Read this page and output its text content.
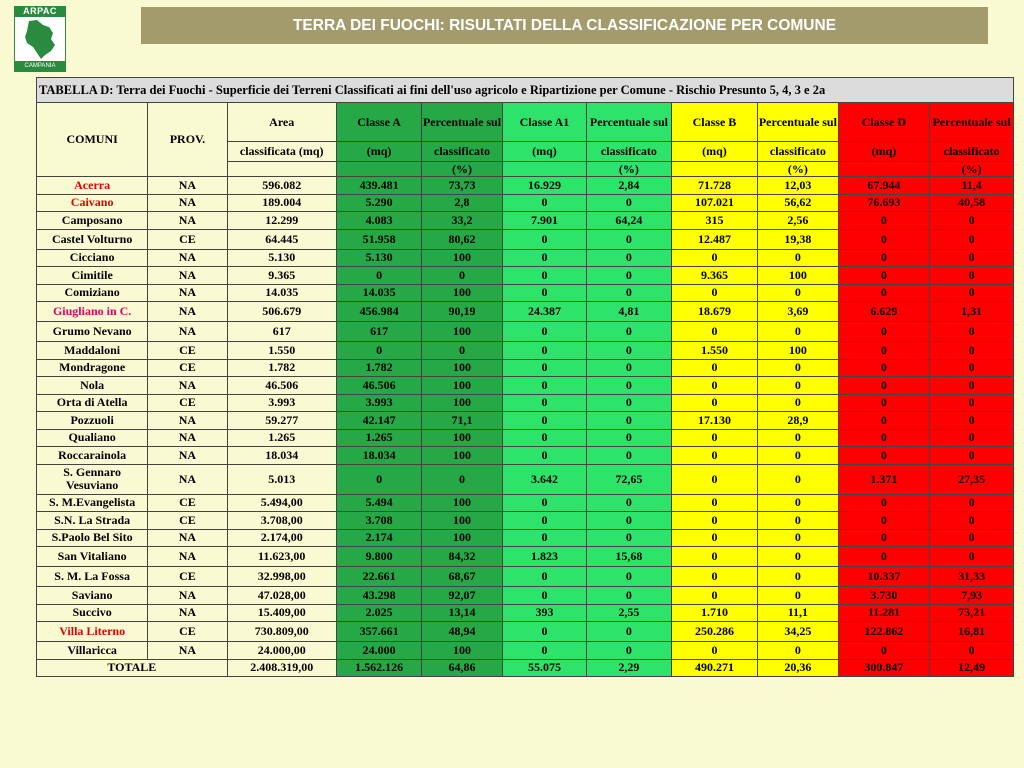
ARPAC
CAMPANIA
TERRA DEI FUOCHI: RISULTATI DELLA CLASSIFICAZIONE PER COMUNE
TABELLA D: Terra dei Fuochi - Superficie dei Terreni Classificati ai fini dell'uso agricolo e Ripartizione per Comune - Rischio Presunto 5, 4, 3 e 2a										
COMUNI	PROV.	Area	Classe A	Percentuale sul	Classe A1	Percentuale sul	Classe B	Percentuale sul	Classe D	Percentuale sul
		classificata (mq)	(mq)	classificato	(mq)	classificato	(mq)	classificato	(mq)	classificato
				(%)		(%)		(%)		(%)
Acerra	NA	596.082	439.481	73,73	16.929	2,84	71.728	12,03	67.944	11,4
Caivano	NA	189.004	5.290	2,8	0	0	107.021	56,62	76.693	40,58
Camposano	NA	12.299	4.083	33,2	7.901	64,24	315	2,56	0	0
Castel Volturno	CE	64.445	51.958	80,62	0	0	12.487	19,38	0	0
Cicciano	NA	5.130	5.130	100	0	0	0	0	0	0
Cimitile	NA	9.365	0	0	0	0	9.365	100	0	0
Comiziano	NA	14.035	14.035	100	0	0	0	0	0	0
Giugliano in C.	NA	506.679	456.984	90,19	24.387	4,81	18.679	3,69	6.629	1,31
Grumo Nevano	NA	617	617	100	0	0	0	0	0	0
Maddaloni	CE	1.550	0	0	0	0	1.550	100	0	0
Mondragone	CE	1.782	1.782	100	0	0	0	0	0	0
Nola	NA	46.506	46.506	100	0	0	0	0	0	0
Orta di Atella	CE	3.993	3.993	100	0	0	0	0	0	0
Pozzuoli	NA	59.277	42.147	71,1	0	0	17.130	28,9	0	0
Qualiano	NA	1.265	1.265	100	0	0	0	0	0	0
Roccarainola	NA	18.034	18.034	100	0	0	0	0	0	0
S. Gennaro Vesuviano	NA	5.013	0	0	3.642	72,65	0	0	1.371	27,35
S. M.Evangelista	CE	5.494,00	5.494	100	0	0	0	0	0	0
S.N. La Strada	CE	3.708,00	3.708	100	0	0	0	0	0	0
S.Paolo Bel Sito	NA	2.174,00	2.174	100	0	0	0	0	0	0
San Vitaliano	NA	11.623,00	9.800	84,32	1.823	15,68	0	0	0	0
S. M. La Fossa	CE	32.998,00	22.661	68,67	0	0	0	0	10.337	31,33
Saviano	NA	47.028,00	43.298	92,07	0	0	0	0	3.730	7,93
Succivo	NA	15.409,00	2.025	13,14	393	2,55	1.710	11,1	11.281	73,21
Villa Literno	CE	730.809,00	357.661	48,94	0	0	250.286	34,25	122.862	16,81
Villaricca	NA	24.000,00	24.000	100	0	0	0	0	0	0
TOTALE		2.408.319,00	1.562.126	64,86	55.075	2,29	490.271	20,36	300.847	12,49
